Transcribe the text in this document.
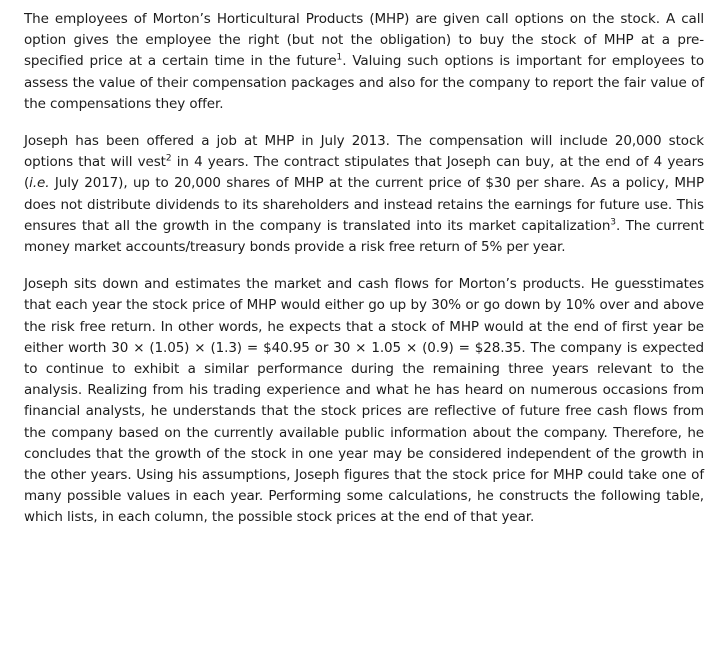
The employees of Morton’s Horticultural Products (MHP) are given call options on the stock. A call option gives the employee the right (but not the obligation) to buy the stock of MHP at a pre-specified price at a certain time in the future$^1$. Valuing such options is important for employees to assess the value of their compensation packages and also for the company to report the fair value of the compensations they offer.

Joseph has been offered a job at MHP in July 2013. The compensation will include 20,000 stock options that will vest$^2$ in 4 years. The contract stipulates that Joseph can buy, at the end of 4 years (i.e. July 2017), up to 20,000 shares of MHP at the current price of $30 per share. As a policy, MHP does not distribute dividends to its shareholders and instead retains the earnings for future use. This ensures that all the growth in the company is translated into its market capitalization$^3$. The current money market accounts/treasury bonds provide a risk free return of 5% per year.

Joseph sits down and estimates the market and cash flows for Morton’s products. He guesstimates that each year the stock price of MHP would either go up by 30% or go down by 10% over and above the risk free return. In other words, he expects that a stock of MHP would at the end of first year be either worth 30 × (1.05) × (1.3) = $40.95 or 30 × 1.05 × (0.9) = $28.35. The company is expected to continue to exhibit a similar performance during the remaining three years relevant to the analysis. Realizing from his trading experience and what he has heard on numerous occasions from financial analysts, he understands that the stock prices are reflective of future free cash flows from the company based on the currently available public information about the company. Therefore, he concludes that the growth of the stock in one year may be considered independent of the growth in the other years. Using his assumptions, Joseph figures that the stock price for MHP could take one of many possible values in each year. Performing some calculations, he constructs the following table, which lists, in each column, the possible stock prices at the end of that year.
